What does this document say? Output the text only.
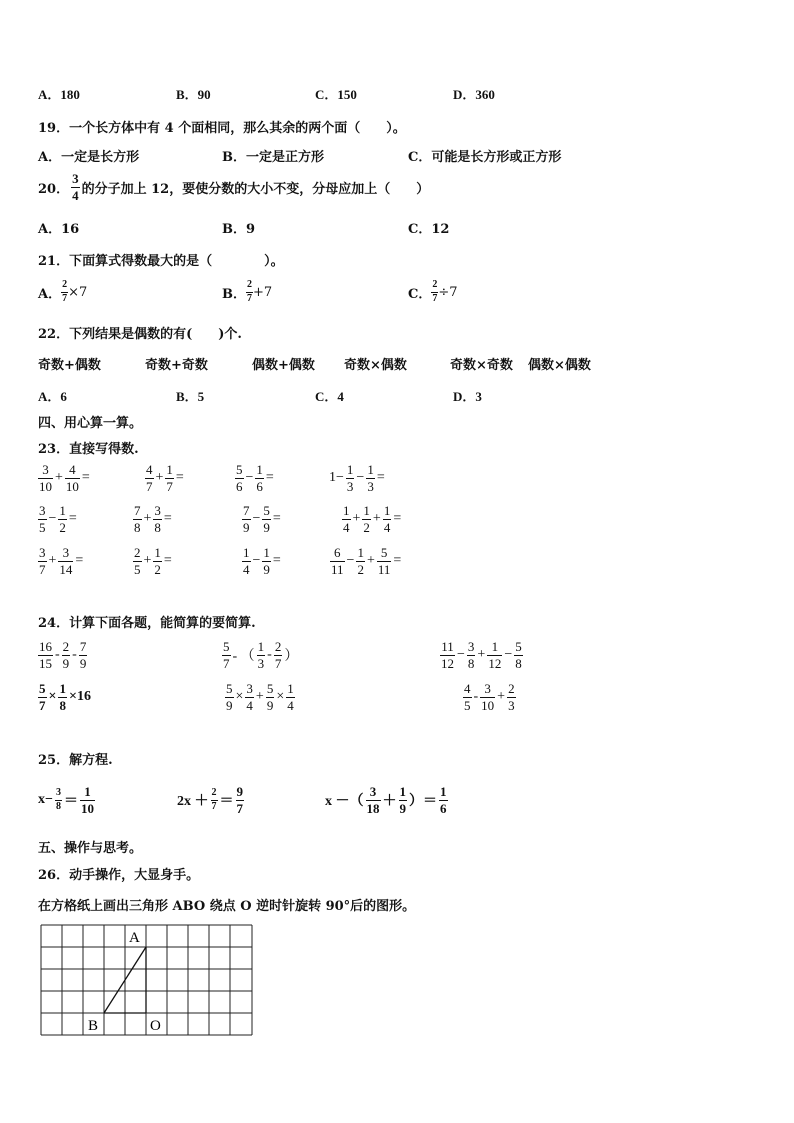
A．180	B．90	C．150	D．360
19．一个长方体中有 4 个面相同，那么其余的两个面（　　）。
A．一定是长方形	B．一定是正方形	C．可能是长方形或正方形
20． $\frac{3}{4}$ 的分子加上 12，要使分数的大小不变，分母应加上（　　）
A．16	B．9	C．12
21．下面算式得数最大的是（　　　　）。
A． $\frac{2}{7} \times 7$	B． $\frac{2}{7} +7$	C． $\frac{2}{7} \div 7$
22．下列结果是偶数的有(　　)个.
奇数+偶数	奇数+奇数	偶数+偶数 奇数×偶数	奇数×奇数 偶数×偶数
A．6	B．5	C．4	D．3
四、用心算一算。
23．直接写得数.
$\frac{3}{10} + \frac{4}{10}$ =	$\frac{4}{7} + \frac{1}{7}$ =	$\frac{5}{6} - \frac{1}{6}$ =	$1- \frac{1}{3} - \frac{1}{3}$ =
$\frac{3}{5} - \frac{1}{2}$ =	$\frac{7}{8} + \frac{3}{8}$ =	$\frac{7}{9} - \frac{5}{9}$ =	$\frac{1}{4} + \frac{1}{2} + \frac{1}{4}$ =
$\frac{3}{7} + \frac{3}{14}$ =	$\frac{2}{5} + \frac{1}{2}$ =	$\frac{1}{4} - \frac{1}{9}$ =	$\frac{6}{11} - \frac{1}{2} + \frac{5}{11}$ =
24．计算下面各题，能简算的要简算.
$\frac{16}{15} - \frac{2}{9} - \frac{7}{9}$	$\frac{5}{7}$ - （ $\frac{1}{3} - \frac{2}{7}$ ）	$\frac{11}{12} - \frac{3}{8} + \frac{1}{12} - \frac{5}{8}$
$\frac{5}{7} \times \frac{1}{8} \times 16$	$\frac{5}{9} \times \frac{3}{4} + \frac{5}{9} \times \frac{1}{4}$	$\frac{4}{5} - \frac{3}{10} + \frac{2}{3}$
25．解方程.
$x- \frac{3}{8} = \frac{1}{10}$	$2x + \frac{2}{7} = \frac{9}{7}$	x －（ $\frac{3}{18} + \frac{1}{9}$ ）＝ $\frac{1}{6}$
五、操作与思考。
26．动手操作，大显身手。
在方格纸上画出三角形 ABO 绕点 O 逆时针旋转 90°后的图形。
A
B	O
